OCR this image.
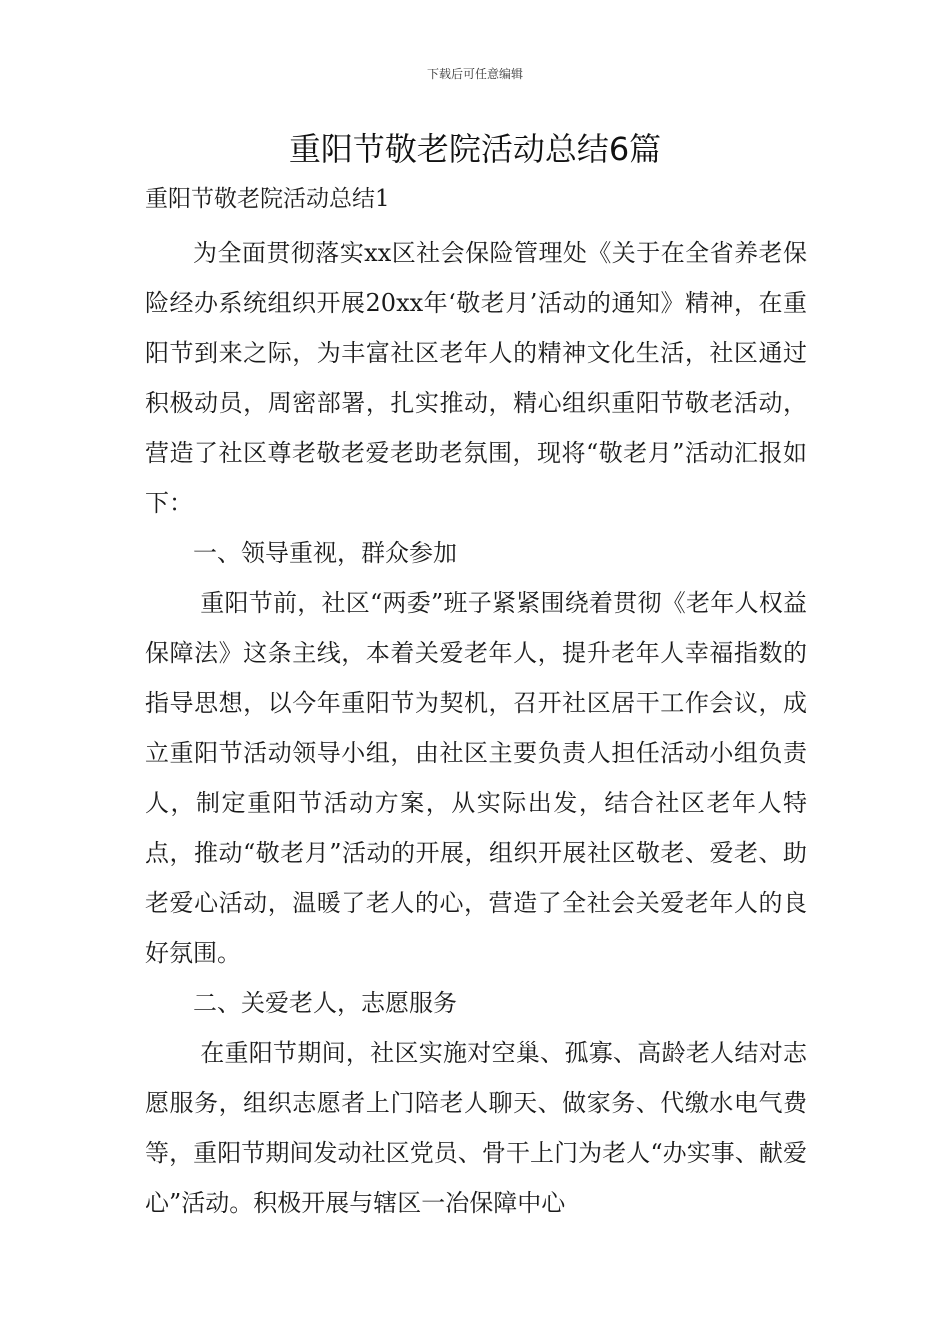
下载后可任意编辑
重阳节敬老院活动总结6篇
重阳节敬老院活动总结1

为全面贯彻落实xx区社会保险管理处《关于在全省养老保险经办系统组织开展20xx年‘敬老月’活动的通知》精神，在重阳节到来之际，为丰富社区老年人的精神文化生活，社区通过积极动员，周密部署，扎实推动，精心组织重阳节敬老活动，营造了社区尊老敬老爱老助老氛围，现将“敬老月”活动汇报如下：

一、领导重视，群众参加

重阳节前，社区“两委”班子紧紧围绕着贯彻《老年人权益保障法》这条主线，本着关爱老年人，提升老年人幸福指数的指导思想，以今年重阳节为契机，召开社区居干工作会议，成立重阳节活动领导小组，由社区主要负责人担任活动小组负责人，制定重阳节活动方案，从实际出发，结合社区老年人特点，推动“敬老月”活动的开展，组织开展社区敬老、爱老、助老爱心活动，温暖了老人的心，营造了全社会关爱老年人的良好氛围。

二、关爱老人，志愿服务

在重阳节期间，社区实施对空巢、孤寡、高龄老人结对志愿服务，组织志愿者上门陪老人聊天、做家务、代缴水电气费等，重阳节期间发动社区党员、骨干上门为老人“办实事、献爱心”活动。积极开展与辖区一冶保障中心
